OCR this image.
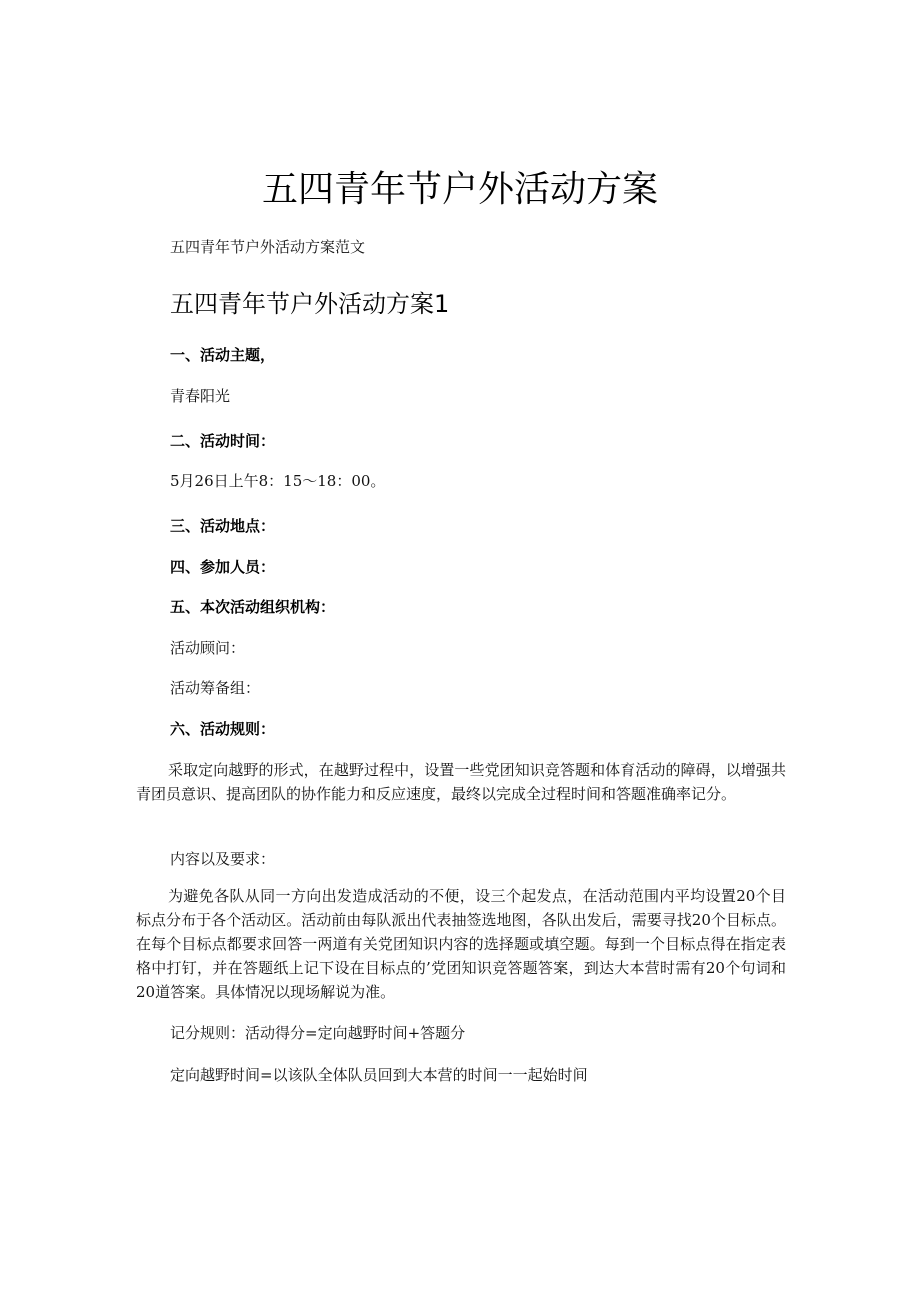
五四青年节户外活动方案

五四青年节户外活动方案范文

五四青年节户外活动方案1

一、活动主题，

青春阳光

二、活动时间：

5月26日上午8：15～18：00。

三、活动地点：

四、参加人员：

五、本次活动组织机构：

活动顾问：

活动筹备组：

六、活动规则：

采取定向越野的形式，在越野过程中，设置一些党团知识竞答题和体育活动的障碍，以增强共青团员意识、提高团队的协作能力和反应速度，最终以完成全过程时间和答题准确率记分。

内容以及要求：

为避免各队从同一方向出发造成活动的不便，设三个起发点，在活动范围内平均设置20个目标点分布于各个活动区。活动前由每队派出代表抽签选地图，各队出发后，需要寻找20个目标点。在每个目标点都要求回答一两道有关党团知识内容的选择题或填空题。每到一个目标点得在指定表格中打钉，并在答题纸上记下设在目标点的’党团知识竞答题答案，到达大本营时需有20个句词和20道答案。具体情况以现场解说为准。

记分规则：活动得分=定向越野时间+答题分

定向越野时间=以该队全体队员回到大本营的时间一一起始时间
